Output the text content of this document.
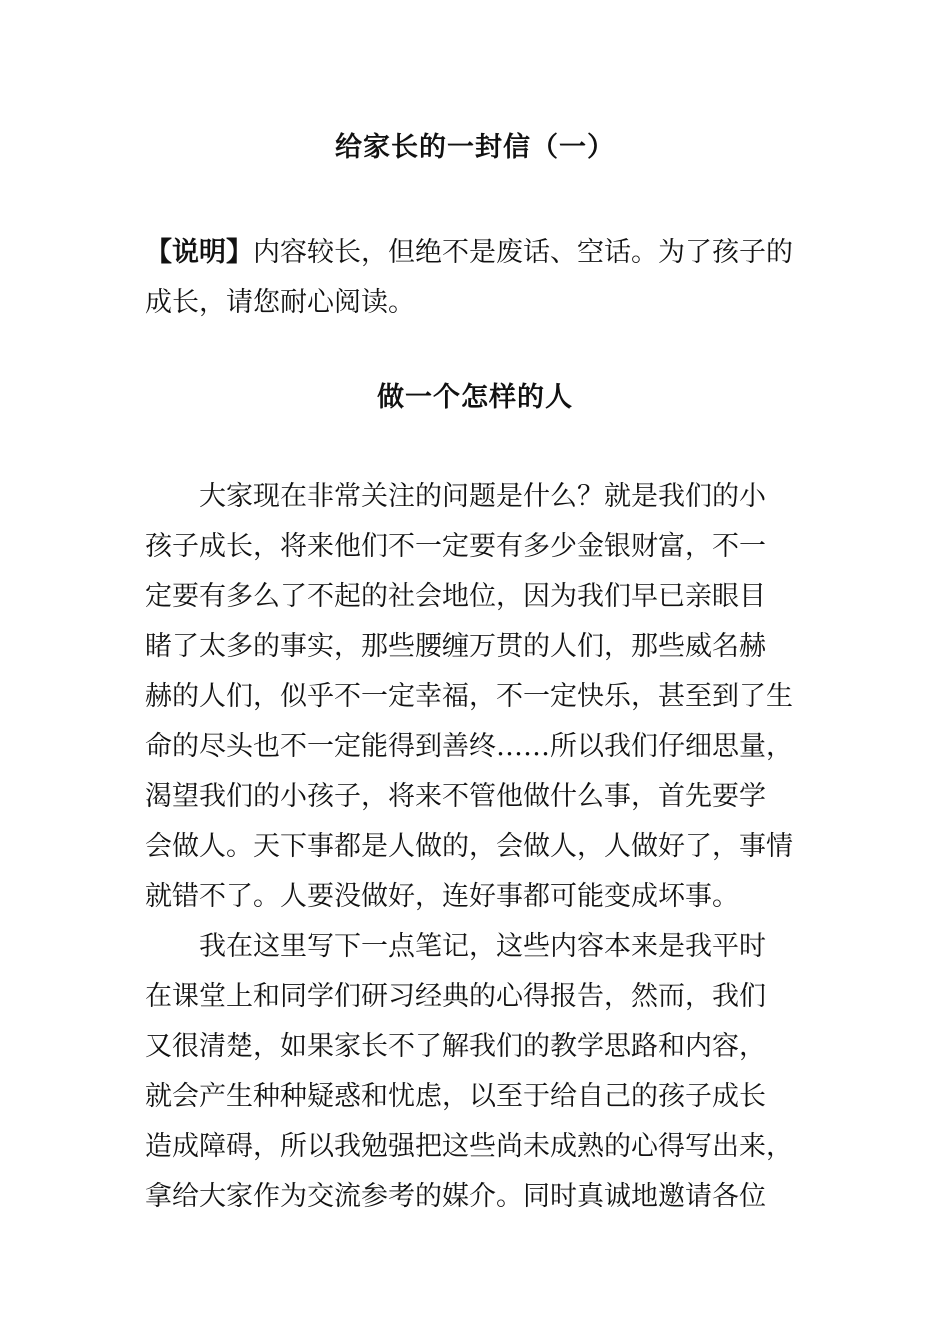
给家长的一封信（一）
【说明】内容较长，但绝不是废话、空话。为了孩子的成长，请您耐心阅读。
做一个怎样的人
　　大家现在非常关注的问题是什么？就是我们的小
孩子成长，将来他们不一定要有多少金银财富，不一
定要有多么了不起的社会地位，因为我们早已亲眼目
睹了太多的事实，那些腰缠万贯的人们，那些威名赫
赫的人们，似乎不一定幸福，不一定快乐，甚至到了生
命的尽头也不一定能得到善终……所以我们仔细思量，
渴望我们的小孩子，将来不管他做什么事，首先要学
会做人。天下事都是人做的，会做人，人做好了，事情
就错不了。人要没做好，连好事都可能变成坏事。
　　我在这里写下一点笔记，这些内容本来是我平时
在课堂上和同学们研习经典的心得报告，然而，我们
又很清楚，如果家长不了解我们的教学思路和内容，
就会产生种种疑惑和忧虑，以至于给自己的孩子成长
造成障碍，所以我勉强把这些尚未成熟的心得写出来，
拿给大家作为交流参考的媒介。同时真诚地邀请各位
